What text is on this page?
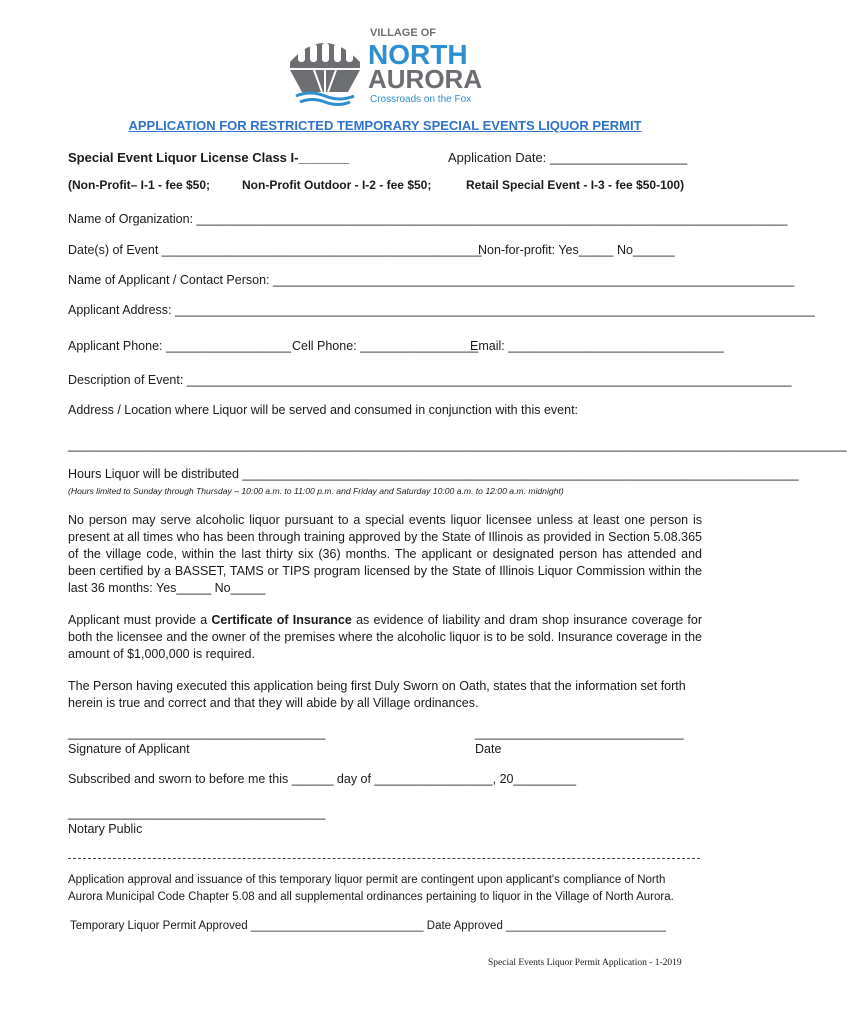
VILLAGE OF
NORTH
AURORA
Crossroads on the Fox
APPLICATION FOR RESTRICTED TEMPORARY SPECIAL EVENTS LIQUOR PERMIT
Special Event Liquor License Class I-_______	Application Date: ___________________
(Non-Profit– I-1 - fee $50;	Non-Profit Outdoor - I-2 - fee $50;	Retail Special Event - I-3 - fee $50-100)
Name of Organization: _____________________________________________________________________________________
Date(s) of Event ______________________________________________
Non-for-profit: Yes_____ No______
Name of Applicant / Contact Person: ___________________________________________________________________________
Applicant Address: ____________________________________________________________________________________________
Applicant Phone: __________________ Cell Phone: _________________
Email: _______________________________
Description of Event: _______________________________________________________________________________________
Address / Location where Liquor will be served and consumed in conjunction with this event:
________________________________________________________________________________________________________________
Hours Liquor will be distributed ________________________________________________________________________________
(Hours limited to Sunday through Thursday – 10:00 a.m. to 11:00 p.m. and Friday and Saturday 10:00 a.m. to 12:00 a.m. midnight)
No person may serve alcoholic liquor pursuant to a special events liquor licensee unless at least one person is present at all times who has been through training approved by the State of Illinois as provided in Section 5.08.365 of the village code, within the last thirty six (36) months. The applicant or designated person has attended and been certified by a BASSET, TAMS or TIPS program licensed by the State of Illinois Liquor Commission within the last 36 months: Yes_____ No_____
Applicant must provide a Certificate of Insurance as evidence of liability and dram shop insurance coverage for both the licensee and the owner of the premises where the alcoholic liquor is to be sold. Insurance coverage in the amount of $1,000,000 is required.
The Person having executed this application being first Duly Sworn on Oath, states that the information set forth herein is true and correct and that they will abide by all Village ordinances.
_____________________________________
Signature of Applicant
______________________________
Date
Subscribed and sworn to before me this ______ day of _________________, 20_________
_____________________________________
Notary Public
Application approval and issuance of this temporary liquor permit are contingent upon applicant's compliance of North Aurora Municipal Code Chapter 5.08 and all supplemental ordinances pertaining to liquor in the Village of North Aurora.
Temporary Liquor Permit Approved ___________________________ Date Approved _________________________
Special Events Liquor Permit Application - 1-2019
